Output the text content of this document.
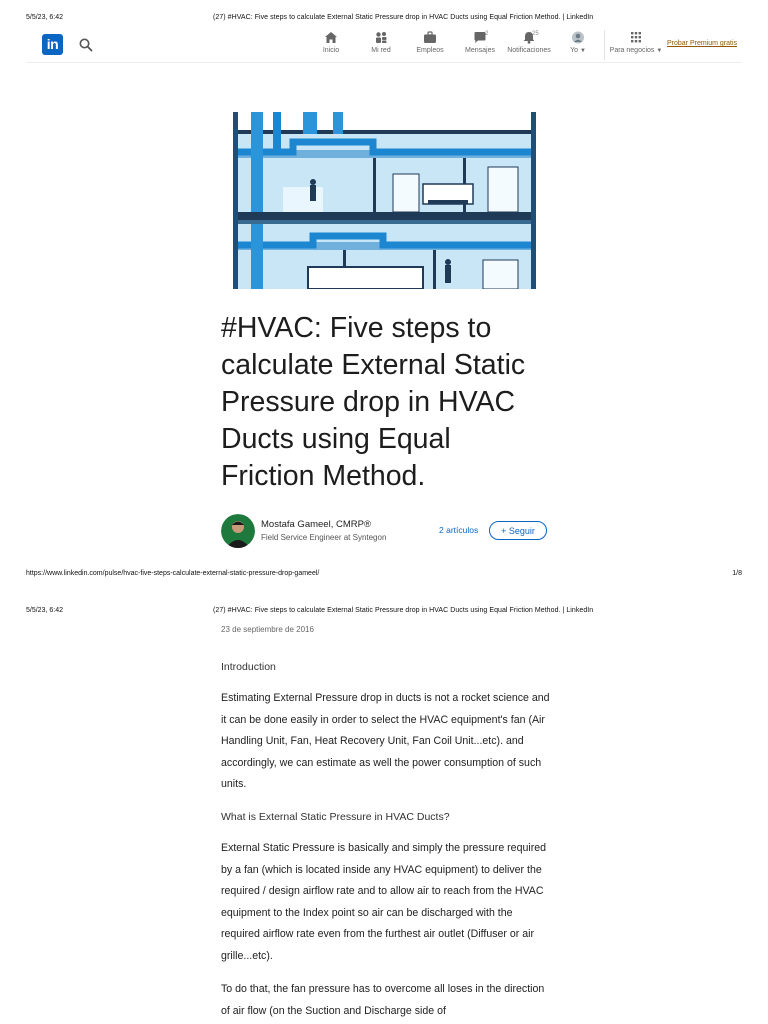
5/5/23, 6:42	(27) #HVAC: Five steps to calculate External Static Pressure drop in HVAC Ducts using Equal Friction Method. | LinkedIn
in	Inicio	Mi red	Empleos	Mensajes
2
Notificaciones
25
Yo ▼	Para negocios ▼
Probar Premium gratis
#HVAC: Five steps to calculate External Static Pressure drop in HVAC Ducts using Equal Friction Method.
Mostafa Gameel, CMRP®
Field Service Engineer at Syntegon
2 artículos	+ Seguir
https://www.linkedin.com/pulse/hvac-five-steps-calculate-external-static-pressure-drop-gameel/	1/8
5/5/23, 6:42	(27) #HVAC: Five steps to calculate External Static Pressure drop in HVAC Ducts using Equal Friction Method. | LinkedIn
23 de septiembre de 2016
Introduction

Estimating External Pressure drop in ducts is not a rocket science and it can be done easily in order to select the HVAC equipment's fan (Air Handling Unit, Fan, Heat Recovery Unit, Fan Coil Unit...etc). and accordingly, we can estimate as well the power consumption of such units.

What is External Static Pressure in HVAC Ducts?

External Static Pressure is basically and simply the pressure required by a fan (which is located inside any HVAC equipment) to deliver the required / design airflow rate and to allow air to reach from the HVAC equipment to the Index point so air can be discharged with the required airflow rate even from the furthest air outlet (Diffuser or air grille...etc).

To do that, the fan pressure has to overcome all loses in the direction of air flow (on the Suction and Discharge side of
